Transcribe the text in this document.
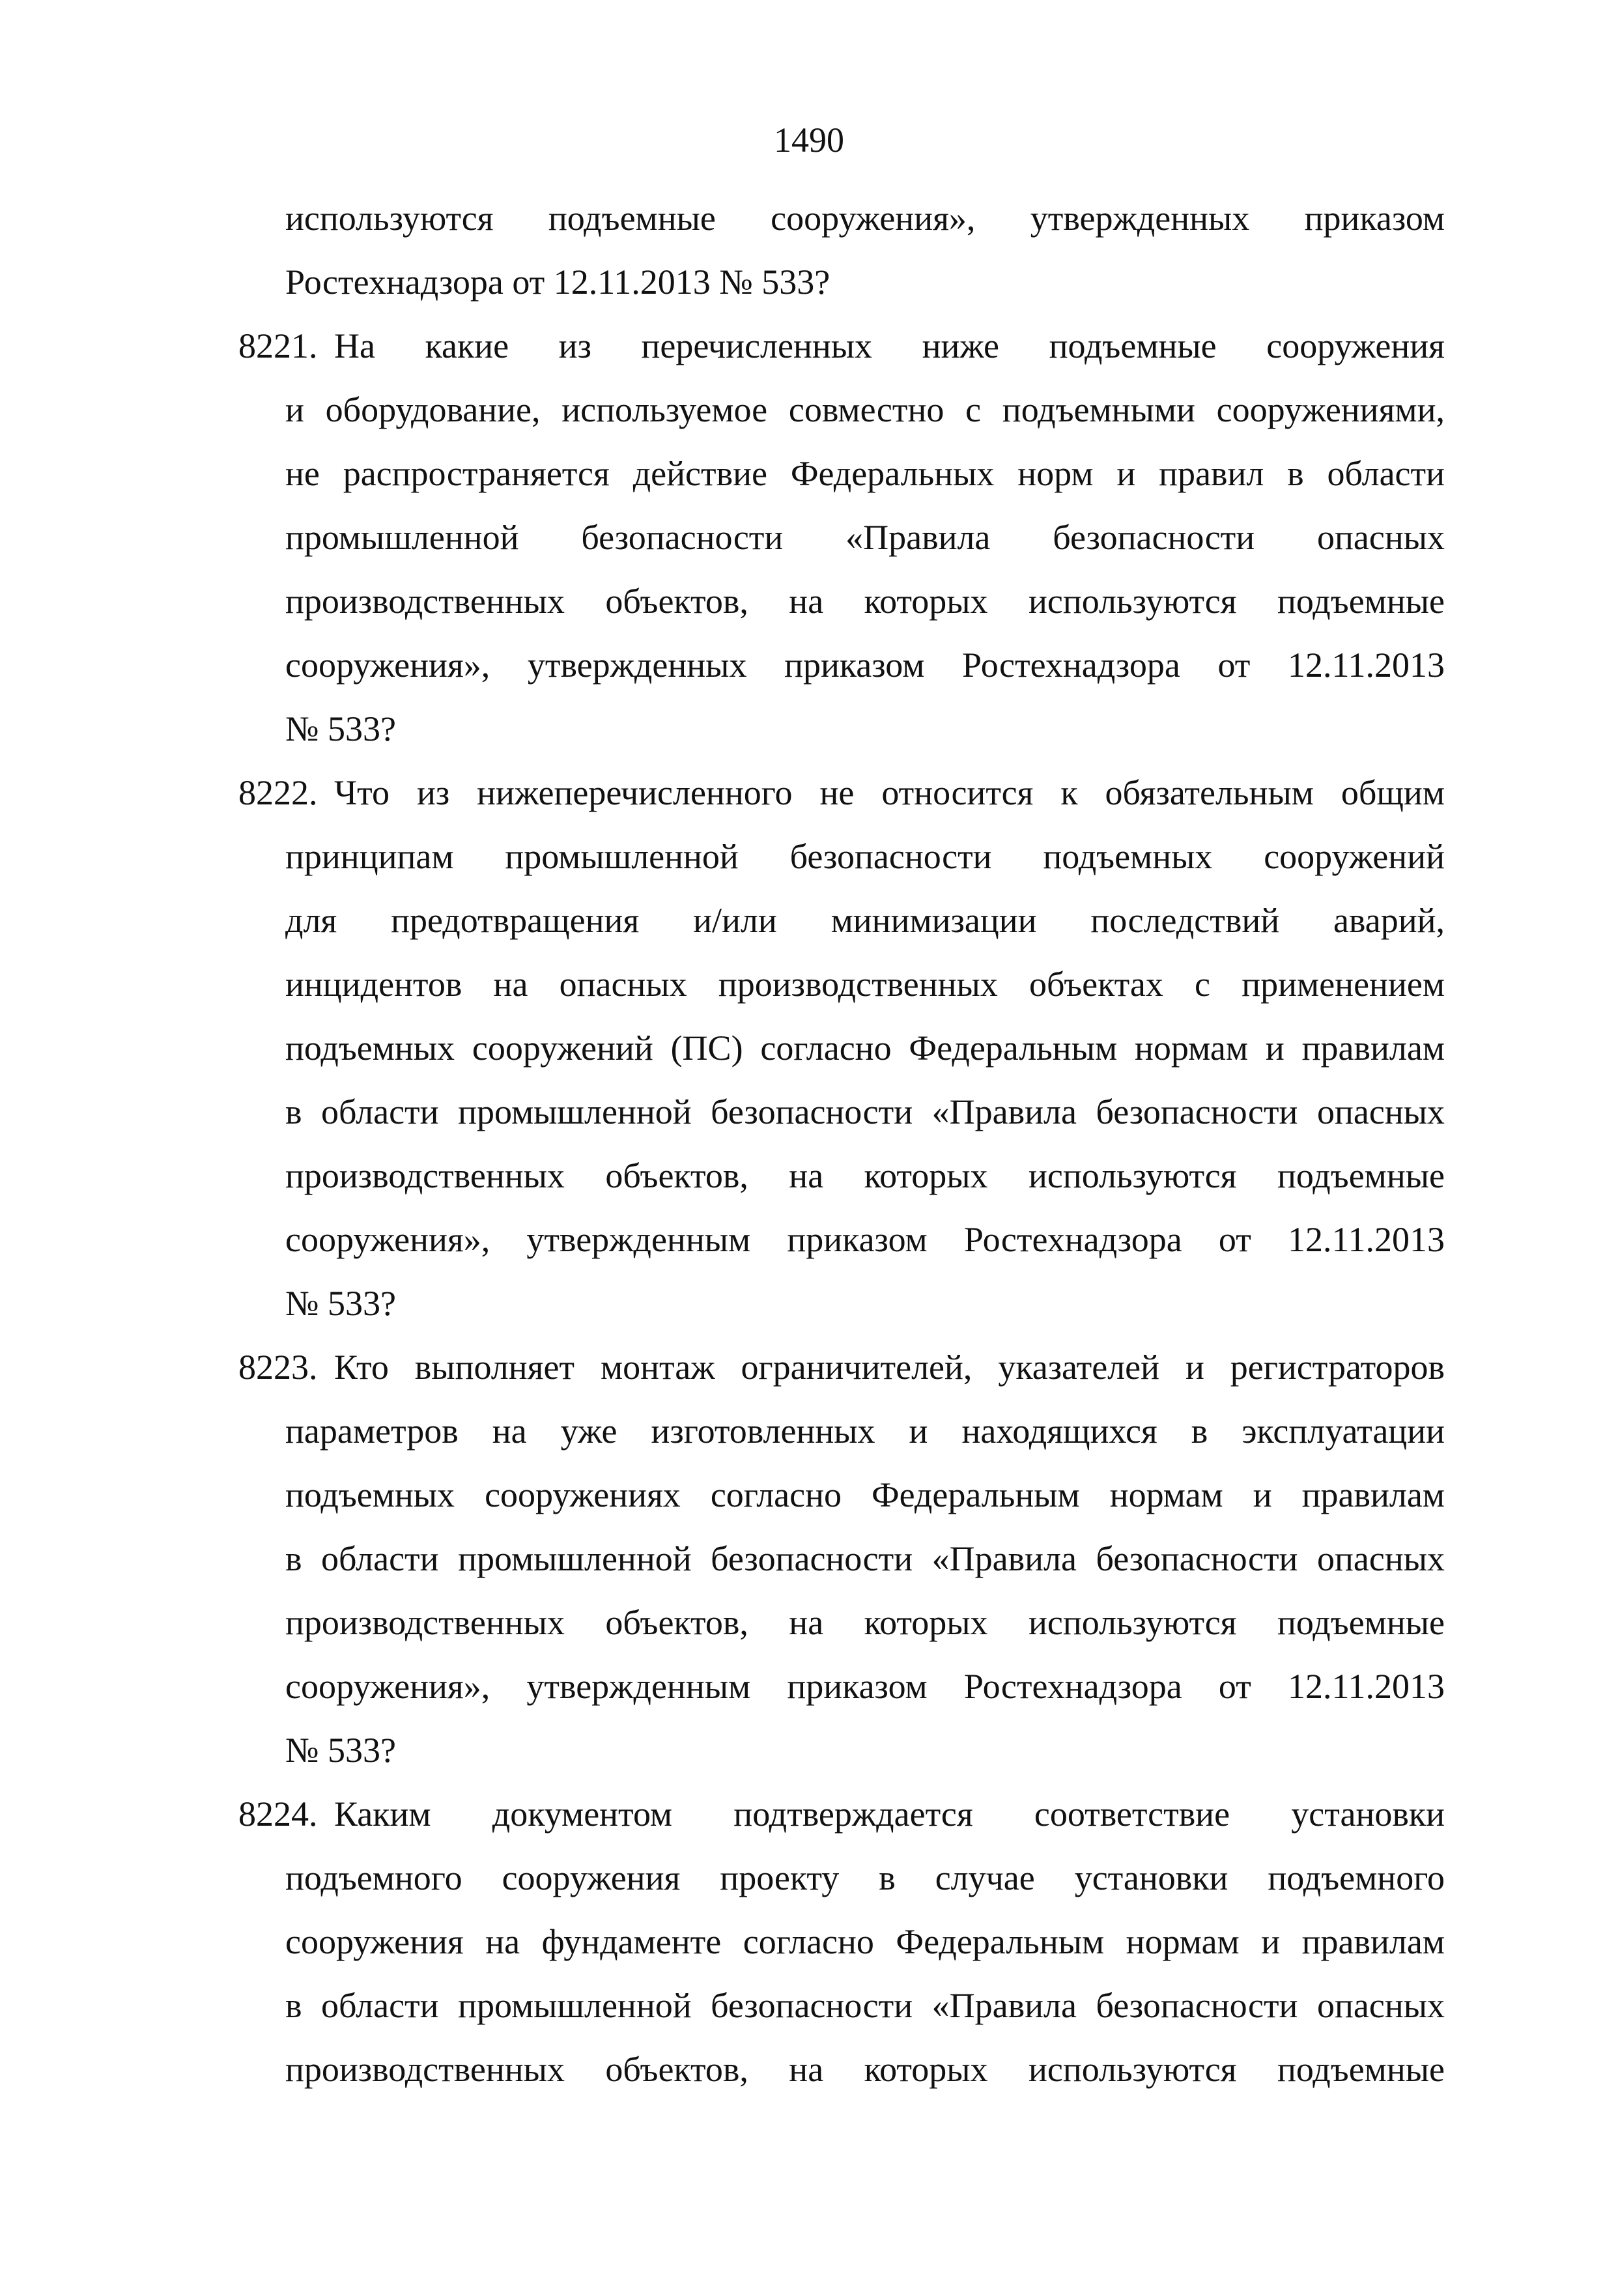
1490
используются подъемные сооружения», утвержденных приказом
Ростехнадзора от 12.11.2013 № 533?
8221. На какие из перечисленных ниже подъемные сооружения
и оборудование, используемое совместно с подъемными сооружениями,
не распространяется действие Федеральных норм и правил в области
промышленной безопасности «Правила безопасности опасных
производственных объектов, на которых используются подъемные
сооружения», утвержденных приказом Ростехнадзора от 12.11.2013
№ 533?
8222. Что из нижеперечисленного не относится к обязательным общим
принципам промышленной безопасности подъемных сооружений
для предотвращения и/или минимизации последствий аварий,
инцидентов на опасных производственных объектах с применением
подъемных сооружений (ПС) согласно Федеральным нормам и правилам
в области промышленной безопасности «Правила безопасности опасных
производственных объектов, на которых используются подъемные
сооружения», утвержденным приказом Ростехнадзора от 12.11.2013
№ 533?
8223. Кто выполняет монтаж ограничителей, указателей и регистраторов
параметров на уже изготовленных и находящихся в эксплуатации
подъемных сооружениях согласно Федеральным нормам и правилам
в области промышленной безопасности «Правила безопасности опасных
производственных объектов, на которых используются подъемные
сооружения», утвержденным приказом Ростехнадзора от 12.11.2013
№ 533?
8224. Каким документом подтверждается соответствие установки
подъемного сооружения проекту в случае установки подъемного
сооружения на фундаменте согласно Федеральным нормам и правилам
в области промышленной безопасности «Правила безопасности опасных
производственных объектов, на которых используются подъемные
